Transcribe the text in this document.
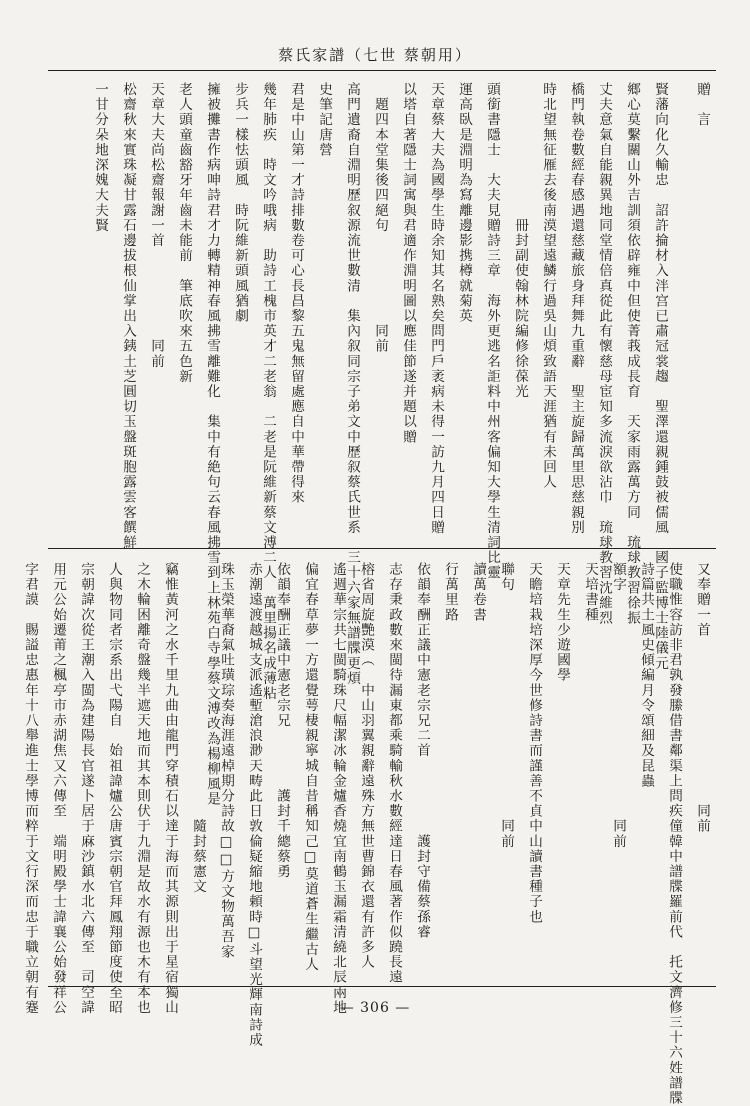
蔡氏家譜（七世 蔡朝用）
贈　言
賢藩向化久輸忠　詔許掄材入泮宫已肅冠裳趨　聖澤還親鍾鼓被儒風　國子監博士陸儀元
鄉心莫繫關山外吉訓須依辟雍中但使菁莪成長育　天家雨露萬方同　琉球教習徐振
丈夫意氣自能親異地同堂情倍真從此有懷慈母宦知多流淚欲沾巾　琉球教習沈維烈
橋門執卷數經春感遇還慈藏旅身拜舞九重辭　聖主旋歸萬里思慈親別
時北望無征雁去後南漠望遠鱗行過吳山煩致語天涯猶有未回人
　　　　　　　　　冊封副使翰林院編修徐葆光
頭銜書隱士　大夫見贈詩三章　海外更逃名詎料中州客偏知大學生清詞比靈
運高臥是淵明為寫離邊影携樽就菊英
天章蔡大夫為國學生時余知其名熟矣問門戶袤病未得一訪九月四日贈
以塔自著隱士詞寓與君適作淵明圖以應佳節遂并題以贈
　題四本堂集後四絕句　　　　　　同前
高門遺裔自淵明歷叙源流世數清　集內叙同宗子弟文中歷叙蔡氏世系　三十六家無譜牒更煩
史筆記唐營
君是中山第一才詩排數卷可心長昌黎五鬼無留處應自中華帶得來
幾年肺疾　時文吟哦病　助詩工槐市英才二老翁　二老是阮維新蔡文溥二人　萬里揚名成薄粘
步兵一樣怯頭風　時阮維新頭風猶劇
擁被攤書作病呻詩君才力轉精神春風拂雪離難化　集中有絶句云春風拂雪到上林苑白寺學蔡文溥改為楊柳風是
老人頭童齒豁牙年齒未能前　筆底吹來五色新
天章大夫尚松齋報謝一首　　　　　　同前
松齋秋來實珠凝甘露石邊拔根仙掌出入銕土芝圓切玉盤斑胞露雲客饌鮮
一甘分朵地深媿大夫賢
又奉贈一首　　　　　　　　　　　同前
使職惟容訪非君孰發縢借書鄰渠上問疾僮韓中譜牒羅前代　托文濟修三十六姓譜牒
詩篇共土風史傾編月令頌細及昆蟲
額字　　　　　　　　　　　　　　　同前
天培書種
天章先生少遊國學
天瞻培栽培深厚今世修詩書而謹善不貞中山讀書種子也
聯句　　　　　　　　　　　　　　　同前
讀萬卷書
行萬里路
依韻奉酬正議中憲老宗兄二首　　　　　護封守備蔡孫睿
志存秉政數來閩待漏東都乘騎輸秋水數經達日春風著作似蹺長遠
榕省周旋艷漠（　中山羽翼親辭遠殊方無世曹錦衣還有許多人
遙週華宗共七閩騎珠尺幅潔冰輪金爐香燒宜南鶴玉漏霜清繞北辰兩地
偏宜春草夢一方還覺萼棲親寧城自昔稱知己□莫道蒼生繼古人
依韻奉酬正議中憲老宗兄　　　　護封千總蔡勇
赤潮遠渡越城支派遙塹滄浪渺天畴此日敦倫疑縮地頼時□斗望光輝南詩成
珠玉榮華裔氣吐璜琮奏海涯遠棹期分詩故□□方文物萬吾家
　　　　　　　　　　　　　　　　　隨封蔡憲文
竊惟黃河之水千里九曲由龍門穿積石以達于海而其源則出于星宿獨山
之木輪困離奇盤幾半遮天地而其本則伏于九淵是故水有源也木有本也
人與物同者宗系出弋陽自　始祖諱爐公唐賓宗朝官拜鳳翔節度使至昭
宗朝諱次從王潮入閩為建陽長官遂卜居于麻沙鎮水北六傳至　司空諱
用元公始遷莆之楓亭市赤湖焦又六傳至　端明殿學士諱襄公始發祥公
字君謨　賜謚忠惠年十八舉進士學博而粹于文行深而忠于職立朝有蹇	— 306 —
